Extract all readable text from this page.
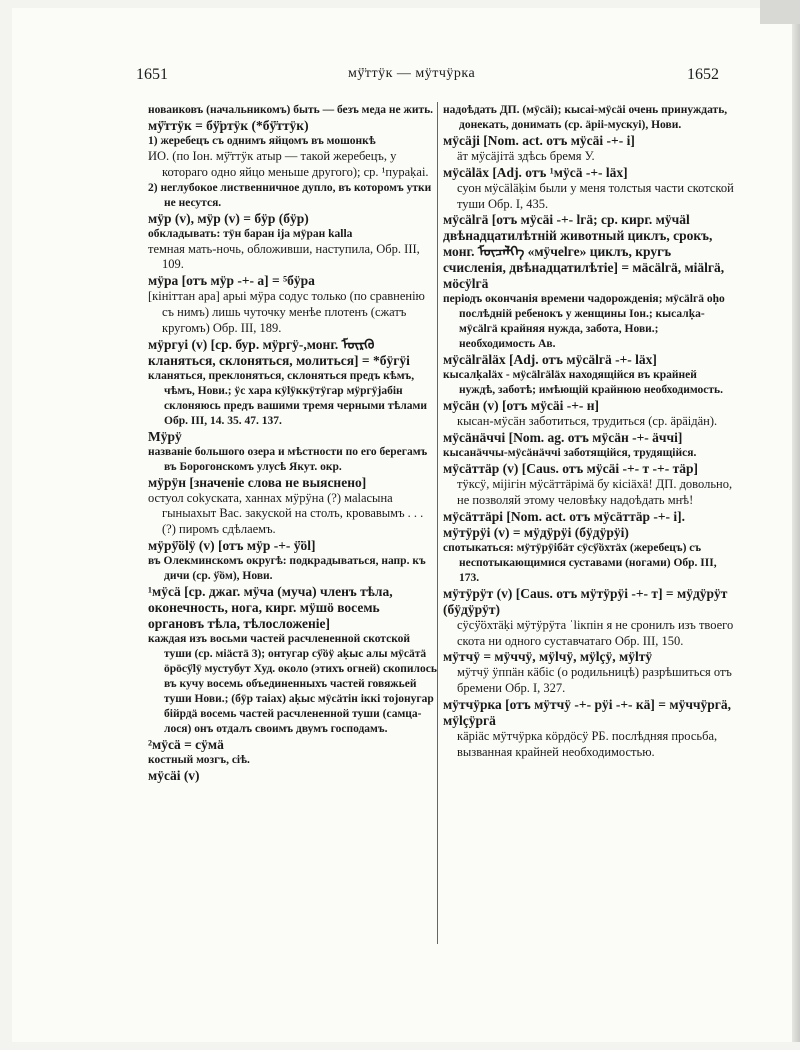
1651	мÿ̈ттÿк — мÿтчÿрка	1652

новаиковъ (начальникомъ) быть — безъ меда не жить.

мÿ̈ттÿк = бÿ̈ртÿк (*бÿ̈ттÿк)

1) жеребецъ съ однимъ яйцомъ въ мошонкѣ

ИО. (по Іон. мÿ̈ттÿк атыр — такой жеребецъ, у котораго одно яйцо меньше другого); ср. ¹пураḳаі.

2) неглубокое лиственничное дупло, въ которомъ утки не несутся.

мÿр (v), мÿр (v) = бÿр (бÿр)

обкладывать: тÿн баран іја мÿран kаllа

темная мать-ночь, обложивши, наступила, Обр. III, 109.

мÿра [отъ мÿр -+- а] = ⁵бÿра

[кініттан ара] арыі мÿра содус только (по сравненію съ нимъ) лишь чуточку менѣе плотенъ (сжатъ кругомъ) Обр. III, 189.

мÿргуі (v) [ср. бур. мÿргÿ-,монг. ᠮᠦᠷᠭᠦ кланяться, склоняться, молиться] = *бÿгÿі

кланяться, преклоняться, склоняться предъ кѣмъ, чѣмъ, Нови.; ÿс хара кÿlÿккÿтÿгар мÿргÿјабін склоняюсь предъ вашими тремя черными тѣлами Обр. III, 14. 35. 47. 137.

Мÿрÿ

названіе большого озера и мѣстности по его берегамъ въ Борогонскомъ улусѣ Якут. окр.

мÿрÿн [значеніе слова не выяснено]

остуол соkуската, ханнах мÿрÿна (?) маlасына гыныахыт Вас. закуской на столъ, кровавымъ . . . (?) пиромъ сдѣлаемъ.

мÿрÿ̈ölÿ (v) [отъ мÿр -+- ÿ̈öl]

въ Олекминскомъ округѣ: подкрадываться, напр. къ дичи (ср. ÿ̈öм), Нови.

¹мÿсä [ср. джаг. мÿча (муча) членъ тѣла, оконечность, нога, кирг. мÿшö восемь органовъ тѣла, тѣлосложеніе]

каждая изъ восьми частей расчлененной скотской туши (ср. міäстä 3); онтугар сÿ̈öÿ аḳыс алы мÿсäтä öрöсÿ̈lÿ мустубут Худ. около (этихъ огней) скопилось въ кучу восемь объединенныхъ частей говяжьей туши Нови.; (бÿр таіах) аḳыс мÿсäтін іккі тојонугар бійрдä восемь частей расчлененной туши (самца-лося) онъ отдалъ своимъ двумъ господамъ.

²мÿсä = сÿмä

костный мозгъ, сіѣ.

мÿсäі (v)

надоѣдать ДП. (мÿсäі); кысаі-мÿсäі очень принуждать, донекать, донимать (ср. äріі-мускуі), Нови.

мÿсäјі [Nom. act. отъ мÿсäі -+- і]

äт мÿсäјітä здѣсь бремя У.

мÿсäläх [Adj. отъ ¹мÿсä -+- läх]

суон мÿсäläḳім были у меня толстыя части скотской туши Обр. I, 435.

мÿсälгä [отъ мÿсäі -+- lгä; ср. кирг. мÿчäl двѣнадцатилѣтній животный циклъ, срокъ, монг. ᠮᠦᠴᠡᠯᠭᠡ «мÿчеlге» циклъ, кругъ счисленія, двѣнадцатилѣтіе] = мäсälгä, міälгä, мöсÿlгä

періодъ окончанія времени чадорожденія; мÿсälгä оḥо послѣдній ребенокъ у женщины Іон.; кысалḳа-мÿсälгä крайняя нужда, забота, Нови.; необходимость Ав.

мÿсälгäläх [Adj. отъ мÿсälгä -+- läх]

кысалḳаläх - мÿсälгäläх находящійся въ крайней нуждѣ, заботѣ; имѣющій крайнюю необходимость.

мÿсäн (v) [отъ мÿсäі -+- н]

кысан-мÿсäн заботиться, трудиться (ср. äрäідäн).

мÿсäнäччі [Nom. ag. отъ мÿсäн -+- äччі]

кысанäччы-мÿсäнäччі заботящійся, трудящійся.

мÿсäттäр (v) [Caus. отъ мÿсäі -+- т -+- тäр]

тÿксÿ, міјігін мÿсäттäрімä бу кісіäхä! ДП. довольно, не позволяй этому человѣку надоѣдать мнѣ!

мÿсäттäрі [Nom. act. отъ мÿсäттäр -+- і].

мÿтÿрÿі (v) = мÿдÿрÿі (бÿдÿрÿі)

спотыкаться: мÿтÿрÿібäт сÿсÿ̈öхтäх (жеребецъ) съ неспотыкающимися суставами (ногами) Обр. III, 173.

мÿтÿрÿт (v) [Caus. отъ мÿтÿрÿі -+- т] = мÿдÿрÿт (бÿдÿрÿт)

сÿсÿ̈öхтäḳі мÿтÿрÿта ˈlікпін я не сронилъ изъ твоего скота ни одного суставчатаго Обр. III, 150.

мÿтчÿ = мÿччÿ, мÿlчÿ, мÿlçÿ, мÿlтÿ

мÿтчÿ ÿппäн кäбіс (о родильницѣ) разрѣшиться отъ бремени Обр. I, 327.

мÿтчÿрка [отъ мÿтчÿ -+- рÿі -+- кä] = мÿччÿргä, мÿlçÿргä

кäріäс мÿтчÿрка кöрдöсÿ РБ. послѣдняя просьба, вызванная крайней необходимостью.
